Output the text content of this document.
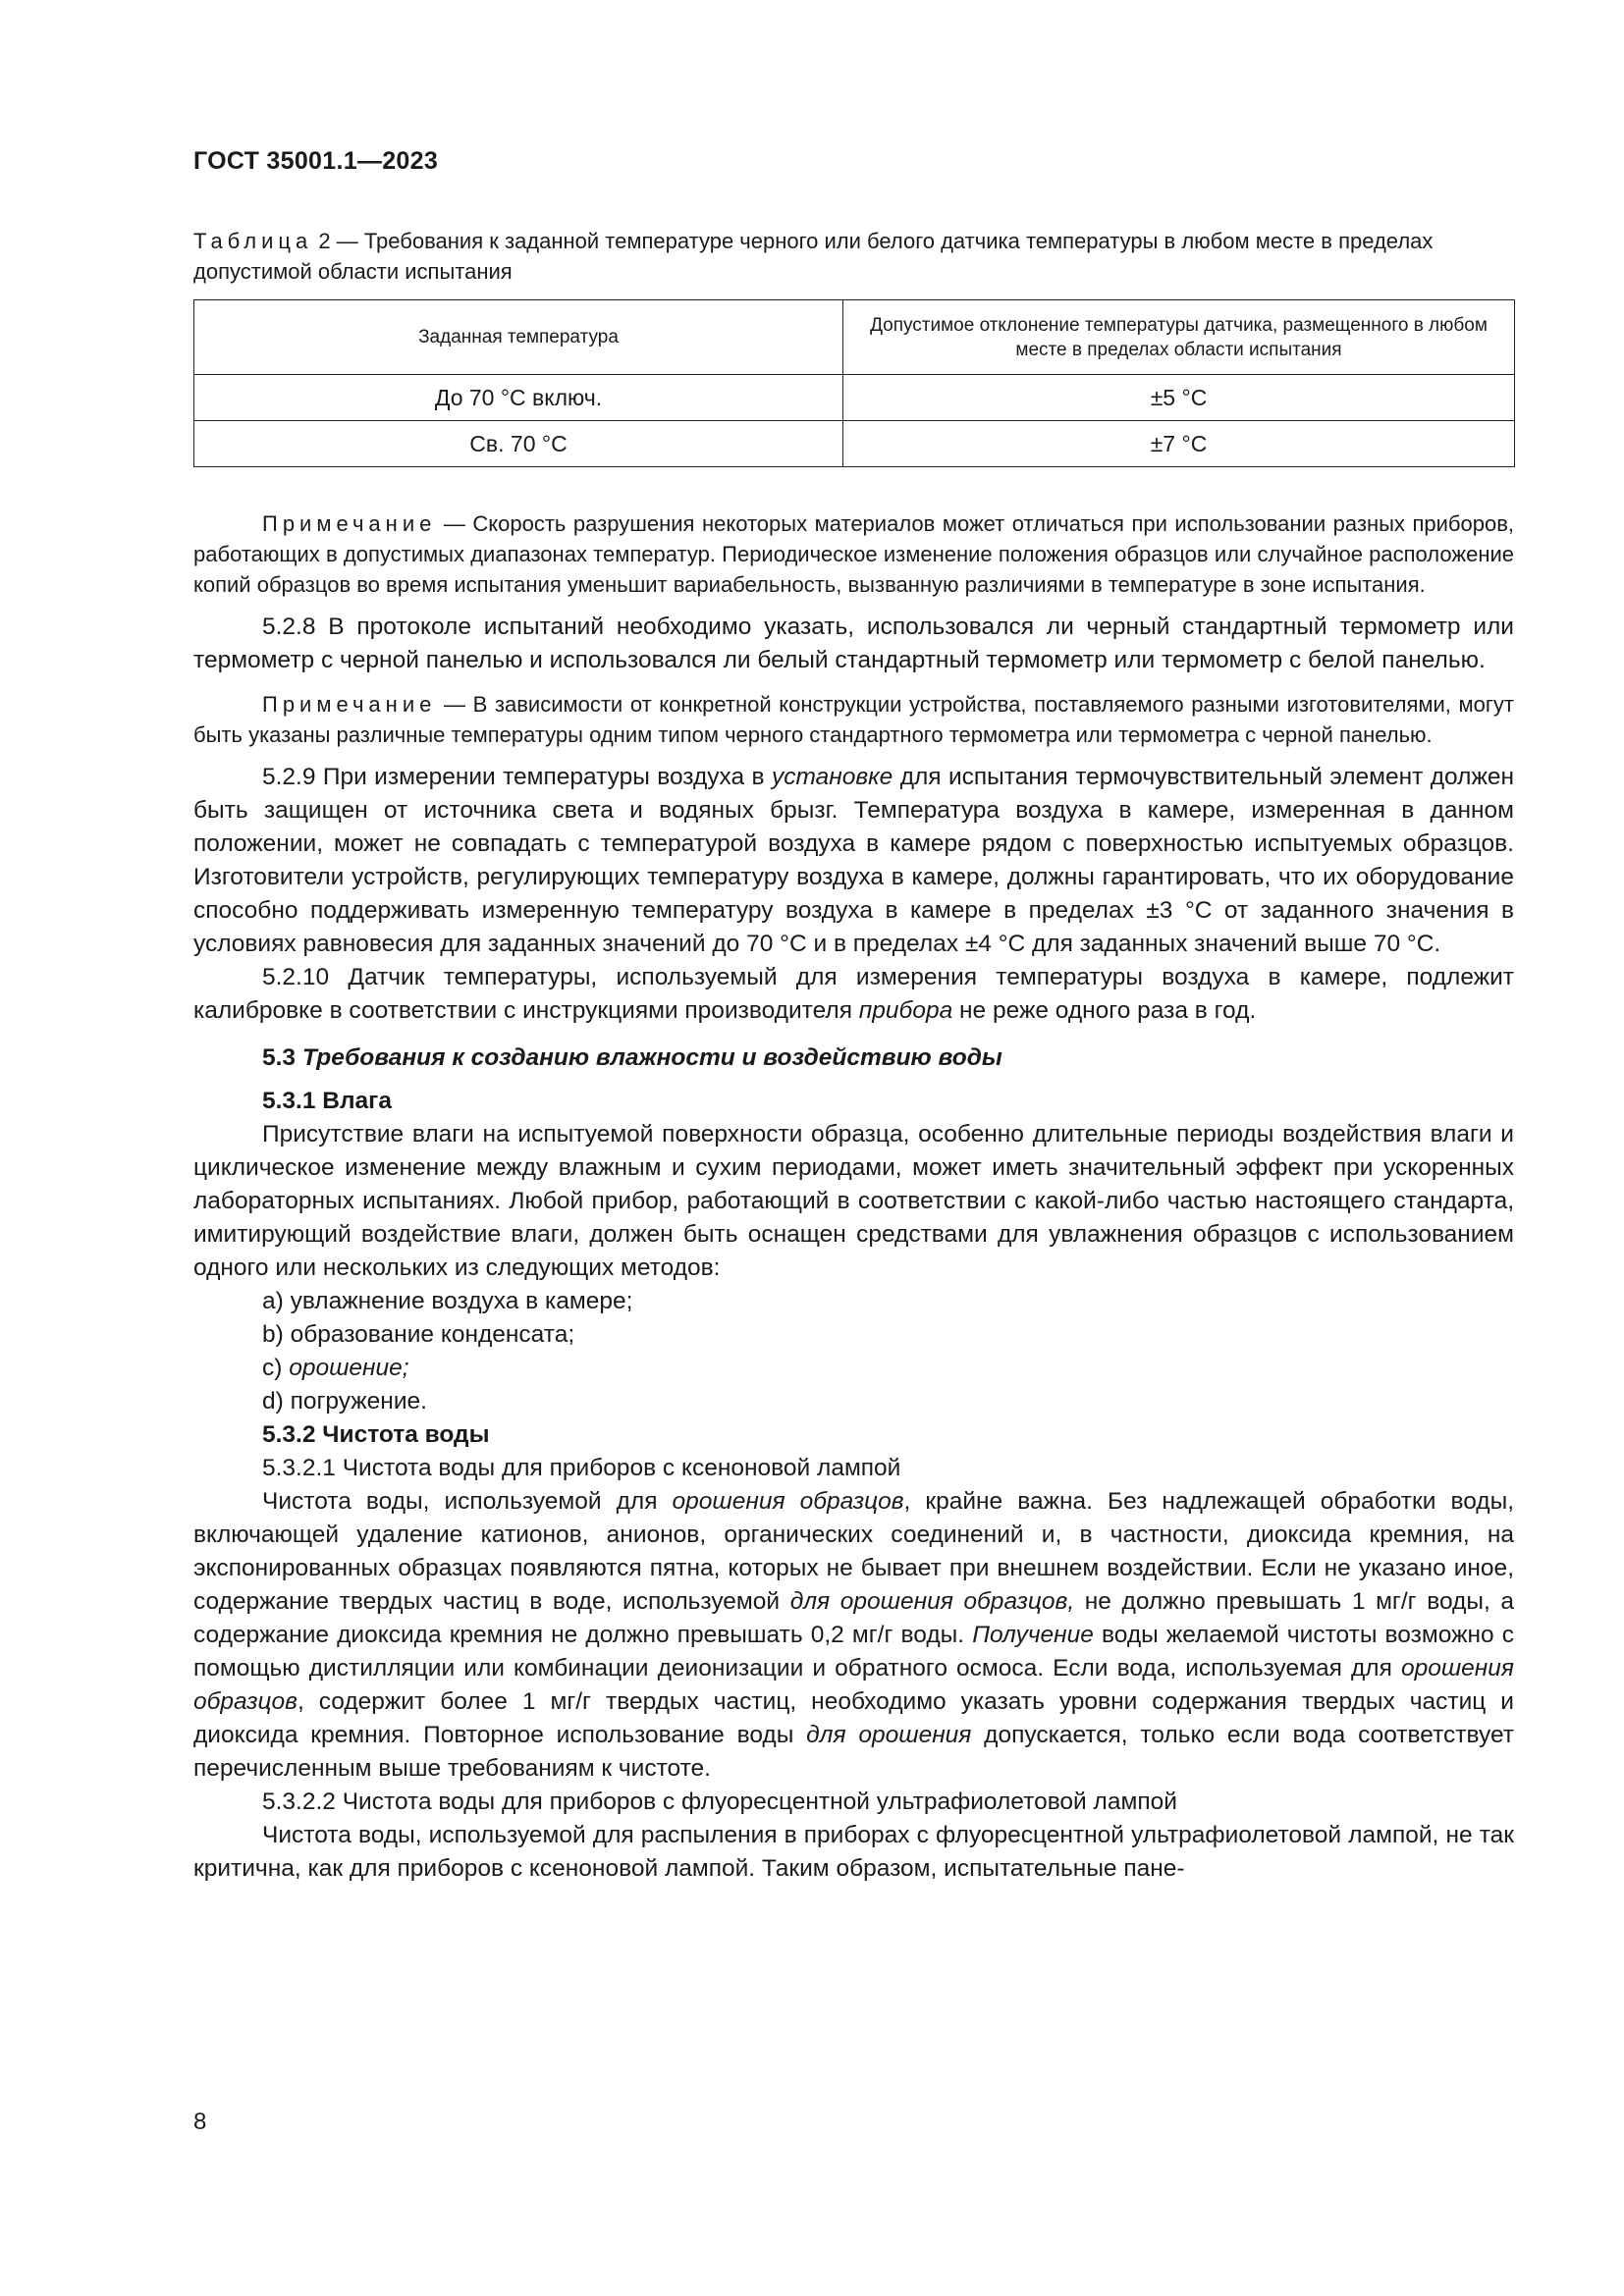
ГОСТ 35001.1—2023
Таблица 2 — Требования к заданной температуре черного или белого датчика температуры в любом месте в пределах допустимой области испытания
Заданная температура	Допустимое отклонение температуры датчика, размещенного в любом месте в пределах области испытания
До 70 °С включ.	±5 °С
Св. 70 °С	±7 °С

Примечание — Скорость разрушения некоторых материалов может отличаться при использовании разных приборов, работающих в допустимых диапазонах температур. Периодическое изменение положения образцов или случайное расположение копий образцов во время испытания уменьшит вариабельность, вызванную различиями в температуре в зоне испытания.

5.2.8 В протоколе испытаний необходимо указать, использовался ли черный стандартный термометр или термометр с черной панелью и использовался ли белый стандартный термометр или термометр с белой панелью.

Примечание — В зависимости от конкретной конструкции устройства, поставляемого разными изготовителями, могут быть указаны различные температуры одним типом черного стандартного термометра или термометра с черной панелью.

5.2.9 При измерении температуры воздуха в установке для испытания термочувствительный элемент должен быть защищен от источника света и водяных брызг. Температура воздуха в камере, измеренная в данном положении, может не совпадать с температурой воздуха в камере рядом с поверхностью испытуемых образцов. Изготовители устройств, регулирующих температуру воздуха в камере, должны гарантировать, что их оборудование способно поддерживать измеренную температуру воздуха в камере в пределах ±3 °С от заданного значения в условиях равновесия для заданных значений до 70 °С и в пределах ±4 °С для заданных значений выше 70 °С.

5.2.10 Датчик температуры, используемый для измерения температуры воздуха в камере, подлежит калибровке в соответствии с инструкциями производителя прибора не реже одного раза в год.

5.3 Требования к созданию влажности и воздействию воды

5.3.1 Влага

Присутствие влаги на испытуемой поверхности образца, особенно длительные периоды воздействия влаги и циклическое изменение между влажным и сухим периодами, может иметь значительный эффект при ускоренных лабораторных испытаниях. Любой прибор, работающий в соответствии с какой-либо частью настоящего стандарта, имитирующий воздействие влаги, должен быть оснащен средствами для увлажнения образцов с использованием одного или нескольких из следующих методов:

a) увлажнение воздуха в камере;

b) образование конденсата;

c) орошение;

d) погружение.

5.3.2 Чистота воды

5.3.2.1 Чистота воды для приборов с ксеноновой лампой

Чистота воды, используемой для орошения образцов, крайне важна. Без надлежащей обработки воды, включающей удаление катионов, анионов, органических соединений и, в частности, диоксида кремния, на экспонированных образцах появляются пятна, которых не бывает при внешнем воздействии. Если не указано иное, содержание твердых частиц в воде, используемой для орошения образцов, не должно превышать 1 мг/г воды, а содержание диоксида кремния не должно превышать 0,2 мг/г воды. Получение воды желаемой чистоты возможно с помощью дистилляции или комбинации деионизации и обратного осмоса. Если вода, используемая для орошения образцов, содержит более 1 мг/г твердых частиц, необходимо указать уровни содержания твердых частиц и диоксида кремния. Повторное использование воды для орошения допускается, только если вода соответствует перечисленным выше требованиям к чистоте.

5.3.2.2 Чистота воды для приборов с флуоресцентной ультрафиолетовой лампой

Чистота воды, используемой для распыления в приборах с флуоресцентной ультрафиолетовой лампой, не так критична, как для приборов с ксеноновой лампой. Таким образом, испытательные пане-

8
